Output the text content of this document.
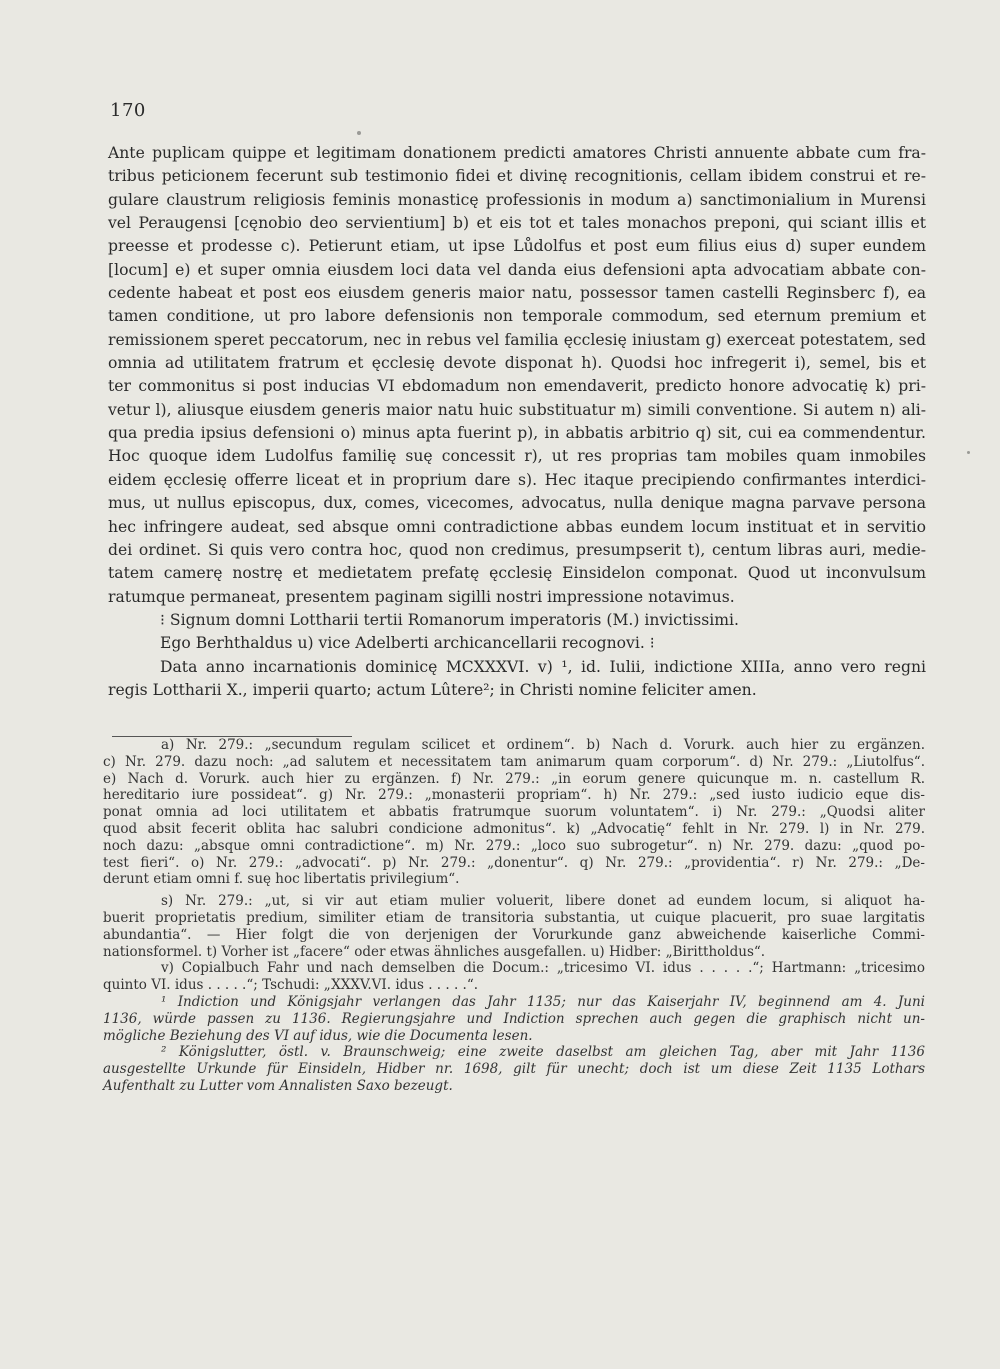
170
Ante puplicam quippe et legitimam donationem predicti amatores Christi annuente abbate cum fra-
tribus peticionem fecerunt sub testimonio fidei et divinę recognitionis, cellam ibidem construi et re-
gulare claustrum religiosis feminis monasticę professionis in modum a) sanctimonialium in Murensi
vel Peraugensi [cęnobio deo servientium] b) et eis tot et tales monachos preponi, qui sciant illis et
preesse et prodesse c). Petierunt etiam, ut ipse Lůdolfus et post eum filius eius d) super eundem
[locum] e) et super omnia eiusdem loci data vel danda eius defensioni apta advocatiam abbate con-
cedente habeat et post eos eiusdem generis maior natu, possessor tamen castelli Reginsberc f), ea
tamen conditione, ut pro labore defensionis non temporale commodum, sed eternum premium et
remissionem speret peccatorum, nec in rebus vel familia ęcclesię iniustam g) exerceat potestatem, sed
omnia ad utilitatem fratrum et ęcclesię devote disponat h). Quodsi hoc infregerit i), semel, bis et
ter commonitus si post inducias VI ebdomadum non emendaverit, predicto honore advocatię k) pri-
vetur l), aliusque eiusdem generis maior natu huic substituatur m) simili conventione. Si autem n) ali-
qua predia ipsius defensioni o) minus apta fuerint p), in abbatis arbitrio q) sit, cui ea commendentur.
Hoc quoque idem Ludolfus familię suę concessit r), ut res proprias tam mobiles quam inmobiles
eidem ęcclesię offerre liceat et in proprium dare s). Hec itaque precipiendo confirmantes interdici-
mus, ut nullus episcopus, dux, comes, vicecomes, advocatus, nulla denique magna parvave persona
hec infringere audeat, sed absque omni contradictione abbas eundem locum instituat et in servitio
dei ordinet. Si quis vero contra hoc, quod non credimus, presumpserit t), centum libras auri, medie-
tatem camerę nostrę et medietatem prefatę ęcclesię Einsidelon componat. Quod ut inconvulsum
ratumque permaneat, presentem paginam sigilli nostri impressione notavimus.
⁝ Signum domni Lottharii tertii Romanorum imperatoris (M.) invictissimi.
Ego Berhthaldus u) vice Adelberti archicancellarii recognovi. ⁝
Data anno incarnationis dominicę MCXXXVI. v) ¹, id. Iulii, indictione XIIIa, anno vero regni
regis Lottharii X., imperii quarto; actum Lûtere²; in Christi nomine feliciter amen.
a) Nr. 279.: „secundum regulam scilicet et ordinem“. b) Nach d. Vorurk. auch hier zu ergänzen.
c) Nr. 279. dazu noch: „ad salutem et necessitatem tam animarum quam corporum“. d) Nr. 279.: „Liutolfus“.
e) Nach d. Vorurk. auch hier zu ergänzen. f) Nr. 279.: „in eorum genere quicunque m. n. castellum R.
hereditario iure possideat“. g) Nr. 279.: „monasterii propriam“. h) Nr. 279.: „sed iusto iudicio eque dis-
ponat omnia ad loci utilitatem et abbatis fratrumque suorum voluntatem“. i) Nr. 279.: „Quodsi aliter
quod absit fecerit oblita hac salubri condicione admonitus“. k) „Advocatię“ fehlt in Nr. 279. l) in Nr. 279.
noch dazu: „absque omni contradictione“. m) Nr. 279.: „loco suo subrogetur“. n) Nr. 279. dazu: „quod po-
test fieri“. o) Nr. 279.: „advocati“. p) Nr. 279.: „donentur“. q) Nr. 279.: „providentia“. r) Nr. 279.: „De-
derunt etiam omni f. suę hoc libertatis privilegium“.
s) Nr. 279.: „ut, si vir aut etiam mulier voluerit, libere donet ad eundem locum, si aliquot ha-
buerit proprietatis predium, similiter etiam de transitoria substantia, ut cuique placuerit, pro suae largitatis
abundantia“. — Hier folgt die von derjenigen der Vorurkunde ganz abweichende kaiserliche Commi-
nationsformel. t) Vorher ist „facere“ oder etwas ähnliches ausgefallen. u) Hidber: „Birittholdus“.
v) Copialbuch Fahr und nach demselben die Docum.: „tricesimo VI. idus . . . . .“; Hartmann: „tricesimo
quinto VI. idus . . . . .“; Tschudi: „XXXV.VI. idus . . . . .“.
¹ Indiction und Königsjahr verlangen das Jahr 1135; nur das Kaiserjahr IV, beginnend am 4. Juni
1136, würde passen zu 1136. Regierungsjahre und Indiction sprechen auch gegen die graphisch nicht un-
mögliche Beziehung des VI auf idus, wie die Documenta lesen.
² Königslutter, östl. v. Braunschweig; eine zweite daselbst am gleichen Tag, aber mit Jahr 1136
ausgestellte Urkunde für Einsideln, Hidber nr. 1698, gilt für unecht; doch ist um diese Zeit 1135 Lothars
Aufenthalt zu Lutter vom Annalisten Saxo bezeugt.
